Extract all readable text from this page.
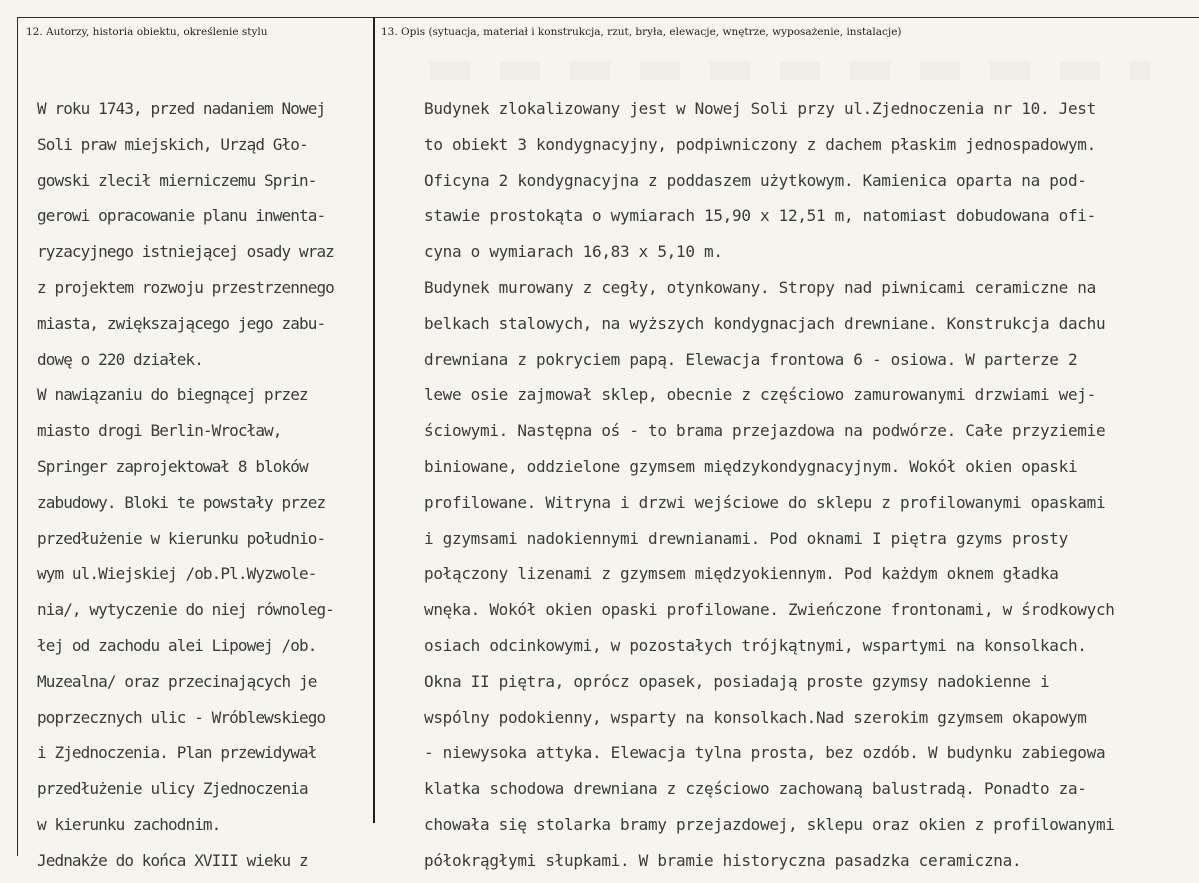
12. Autorzy, historia obiektu, określenie stylu	13. Opis (sytuacja, materiał i konstrukcja, rzut, bryła, elewacje, wnętrze, wyposażenie, instalacje)
W roku 1743, przed nadaniem Nowej
Soli praw miejskich, Urząd Gło-
gowski zlecił mierniczemu Sprin-
gerowi opracowanie planu inwenta-
ryzacyjnego istniejącej osady wraz
z projektem rozwoju przestrzennego
miasta, zwiększającego jego zabu-
dowę o 220 działek.
W nawiązaniu do biegnącej przez
miasto drogi Berlin-Wrocław,
Springer zaprojektował 8 bloków
zabudowy. Bloki te powstały przez
przedłużenie w kierunku południo-
wym ul.Wiejskiej /ob.Pl.Wyzwole-
nia/, wytyczenie do niej równoleg-
łej od zachodu alei Lipowej /ob.
Muzealna/ oraz przecinających je
poprzecznych ulic - Wróblewskiego
i Zjednoczenia. Plan przewidywał
przedłużenie ulicy Zjednoczenia
w kierunku zachodnim.
Jednakże do końca XVIII wieku z
Budynek zlokalizowany jest w Nowej Soli przy ul.Zjednoczenia nr 10. Jest
to obiekt 3 kondygnacyjny, podpiwniczony z dachem płaskim jednospadowym.
Oficyna 2 kondygnacyjna z poddaszem użytkowym. Kamienica oparta na pod-
stawie prostokąta o wymiarach 15,90 x 12,51 m, natomiast dobudowana ofi-
cyna o wymiarach 16,83 x 5,10 m.
Budynek murowany z cegły, otynkowany. Stropy nad piwnicami ceramiczne na
belkach stalowych, na wyższych kondygnacjach drewniane. Konstrukcja dachu
drewniana z pokryciem papą. Elewacja frontowa 6 - osiowa. W parterze 2
lewe osie zajmował sklep, obecnie z częściowo zamurowanymi drzwiami wej-
ściowymi. Następna oś - to brama przejazdowa na podwórze. Całe przyziemie
biniowane, oddzielone gzymsem międzykondygnacyjnym. Wokół okien opaski
profilowane. Witryna i drzwi wejściowe do sklepu z profilowanymi opaskami
i gzymsami nadokiennymi drewnianami. Pod oknami I piętra gzyms prosty
połączony lizenami z gzymsem międzyokiennym. Pod każdym oknem gładka
wnęka. Wokół okien opaski profilowane. Zwieńczone frontonami, w środkowych
osiach odcinkowymi, w pozostałych trójkątnymi, wspartymi na konsolkach.
Okna II piętra, oprócz opasek, posiadają proste gzymsy nadokienne i
wspólny podokienny, wsparty na konsolkach.Nad szerokim gzymsem okapowym
- niewysoka attyka. Elewacja tylna prosta, bez ozdób. W budynku zabiegowa
klatka schodowa drewniana z częściowo zachowaną balustradą. Ponadto za-
chowała się stolarka bramy przejazdowej, sklepu oraz okien z profilowanymi
półokrągłymi słupkami. W bramie historyczna pasadzka ceramiczna.
